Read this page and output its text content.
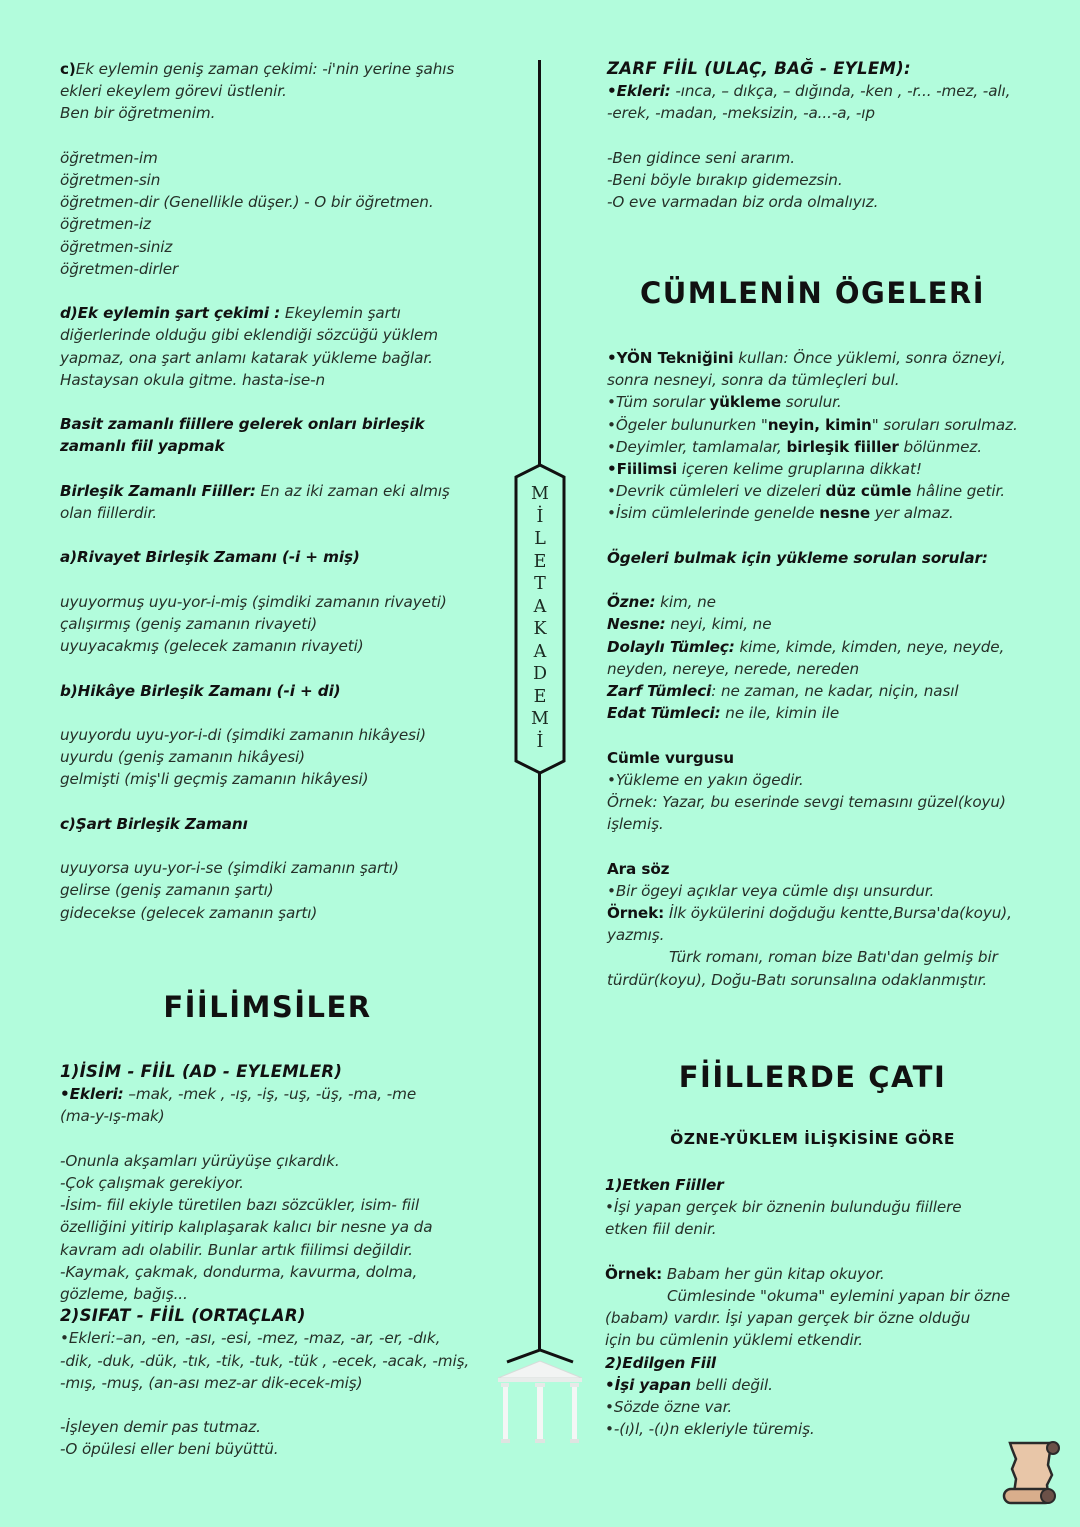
c)Ek eylemin geniş zaman çekimi: -i'nin yerine şahıs
ekleri ekeylem görevi üstlenir.
Ben bir öğretmenim.
öğretmen-im
öğretmen-sin
öğretmen-dir (Genellikle düşer.) - O bir öğretmen.
öğretmen-iz
öğretmen-siniz
öğretmen-dirler
d)Ek eylemin şart çekimi : Ekeylemin şartı
diğerlerinde olduğu gibi eklendiği sözcüğü yüklem
yapmaz, ona şart anlamı katarak yükleme bağlar.
Hastaysan okula gitme. hasta-ise-n
Basit zamanlı fiillere gelerek onları birleşik
zamanlı fiil yapmak
Birleşik Zamanlı Fiiller: En az iki zaman eki almış
olan fiillerdir.
a)Rivayet Birleşik Zamanı (-i + miş)
uyuyormuş uyu-yor-i-miş (şimdiki zamanın rivayeti)
çalışırmış (geniş zamanın rivayeti)
uyuyacakmış (gelecek zamanın rivayeti)
b)Hikâye Birleşik Zamanı (-i + di)
uyuyordu uyu-yor-i-di (şimdiki zamanın hikâyesi)
uyurdu (geniş zamanın hikâyesi)
gelmişti (miş'li geçmiş zamanın hikâyesi)
c)Şart Birleşik Zamanı
uyuyorsa uyu-yor-i-se (şimdiki zamanın şartı)
gelirse (geniş zamanın şartı)
gidecekse (gelecek zamanın şartı)
FİİLİMSİLER
1)İSİM - FİİL (AD - EYLEMLER)
•Ekleri: –mak, -mek , -ış, -iş, -uş, -üş, -ma, -me
(ma-y-ış-mak)
-Onunla akşamları yürüyüşe çıkardık.
-Çok çalışmak gerekiyor.
-İsim- fiil ekiyle türetilen bazı sözcükler, isim- fiil
özelliğini yitirip kalıplaşarak kalıcı bir nesne ya da
kavram adı olabilir. Bunlar artık fiilimsi değildir.
-Kaymak, çakmak, dondurma, kavurma, dolma,
gözleme, bağış...
2)SIFAT - FİİL (ORTAÇLAR)
•Ekleri:–an, -en, -ası, -esi, -mez, -maz, -ar, -er, -dık,
-dik, -duk, -dük, -tık, -tik, -tuk, -tük , -ecek, -acak, -miş,
-mış, -muş, (an-ası mez-ar dik-ecek-miş)
-İşleyen demir pas tutmaz.
-O öpülesi eller beni büyüttü.
M
İ
L
E
T
A
K
A
D
E
M
İ
ZARF FİİL (ULAÇ, BAĞ - EYLEM):
•Ekleri: -ınca, – dıkça, – dığında, -ken , -r... -mez, -alı,
-erek, -madan, -meksizin, -a...-a, -ıp
-Ben gidince seni ararım.
-Beni böyle bırakıp gidemezsin.
-O eve varmadan biz orda olmalıyız.
CÜMLENİN ÖGELERİ
•YÖN Tekniğini kullan: Önce yüklemi, sonra özneyi,
sonra nesneyi, sonra da tümleçleri bul.
•Tüm sorular yükleme sorulur.
•Ögeler bulunurken "neyin, kimin" soruları sorulmaz.
•Deyimler, tamlamalar, birleşik fiiller bölünmez.
•Fiilimsi içeren kelime gruplarına dikkat!
•Devrik cümleleri ve dizeleri düz cümle hâline getir.
•İsim cümlelerinde genelde nesne yer almaz.
Ögeleri bulmak için yükleme sorulan sorular:
Özne: kim, ne
Nesne: neyi, kimi, ne
Dolaylı Tümleç: kime, kimde, kimden, neye, neyde,
neyden, nereye, nerede, nereden
Zarf Tümleci: ne zaman, ne kadar, niçin, nasıl
Edat Tümleci: ne ile, kimin ile
Cümle vurgusu
•Yükleme en yakın ögedir.
Örnek: Yazar, bu eserinde sevgi temasını güzel(koyu)
işlemiş.
Ara söz
•Bir ögeyi açıklar veya cümle dışı unsurdur.
Örnek: İlk öykülerini doğduğu kentte,Bursa'da(koyu),
yazmış.
Türk romanı, roman bize Batı'dan gelmiş bir
türdür(koyu), Doğu-Batı sorunsalına odaklanmıştır.
FİİLLERDE ÇATI
ÖZNE-YÜKLEM İLİŞKİSİNE GÖRE
1)Etken Fiiller
•İşi yapan gerçek bir öznenin bulunduğu fiillere
etken fiil denir.
Örnek: Babam her gün kitap okuyor.
Cümlesinde "okuma" eylemini yapan bir özne
(babam) vardır. İşi yapan gerçek bir özne olduğu
için bu cümlenin yüklemi etkendir.
2)Edilgen Fiil
•İşi yapan belli değil.
•Sözde özne var.
•-(ı)l, -(ı)n ekleriyle türemiş.
